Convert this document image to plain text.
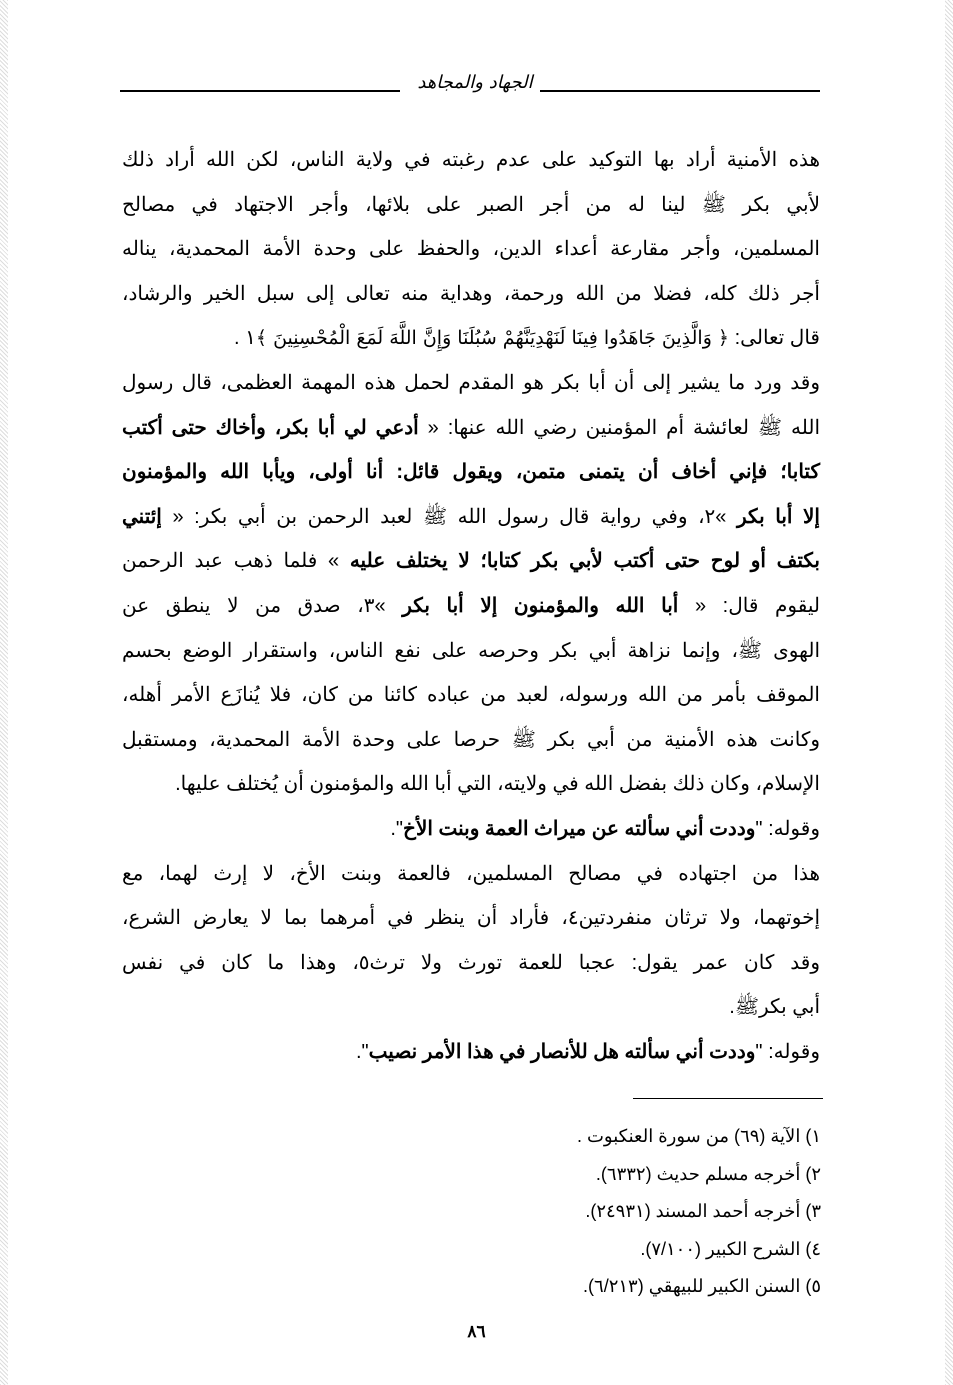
الجهاد والمجاهد
هذه الأمنية أراد بها التوكيد على عدم رغبته في ولاية الناس، لكن الله أراد ذلك
لأبي بكر ﷺ لينا له من أجر الصبر على بلائها، وأجر الاجتهاد في مصالح
المسلمين، وأجر مقارعة أعداء الدين، والحفظ على وحدة الأمة المحمدية، يناله
أجر ذلك كله، فضلا من الله ورحمة، وهداية منه تعالى إلى سبل الخير والرشاد،
قال تعالى: ﴿ وَالَّذِينَ جَاهَدُوا فِينَا لَنَهْدِيَنَّهُمْ سُبُلَنَا وَإِنَّ اللَّهَ لَمَعَ الْمُحْسِنِينَ ﴾١ .
وقد ورد ما يشير إلى أن أبا بكر هو المقدم لحمل هذه المهمة العظمى، قال رسول
الله ﷺ لعائشة أم المؤمنين رضي الله عنها: « أدعي لي أبا بكر، وأخاك حتى أكتب
كتابا؛ فإني أخاف أن يتمنى متمن، ويقول قائل: أنا أولى، ويأبا الله والمؤمنون
إلا أبا بكر »٢، وفي رواية قال رسول الله ﷺ لعبد الرحمن بن أبي بكر: « إئتني
بكتف أو لوح حتى أكتب لأبي بكر كتابا؛ لا يختلف عليه » فلما ذهب عبد الرحمن
ليقوم قال: « أبا الله والمؤمنون إلا أبا بكر »٣، صدق من لا ينطق عن
الهوى ﷺ، وإنما نزاهة أبي بكر وحرصه على نفع الناس، واستقرار الوضع بحسم
الموقف بأمر من الله ورسوله، لعبد من عباده كائنا من كان، فلا يُنازَع الأمر أهله،
وكانت هذه الأمنية من أبي بكر ﷺ حرصا على وحدة الأمة المحمدية، ومستقبل
الإسلام، وكان ذلك بفضل الله في ولايته، التي أبا الله والمؤمنون أن يُختلف عليها.
وقوله: "وددت أني سألته عن ميراث العمة وبنت الأخ".
هذا من اجتهاده في مصالح المسلمين، فالعمة وبنت الأخ، لا إرث لهما، مع
إخوتهما، ولا ترثان منفردتين٤، فأراد أن ينظر في أمرهما بما لا يعارض الشرع،
وقد كان عمر يقول: عجبا للعمة تورث ولا ترث٥، وهذا ما كان في نفس
أبي بكرﷺ.
وقوله: "وددت أني سألته هل للأنصار في هذا الأمر نصيب".
١) الآية (٦٩) من سورة العنكبوت .
٢) أخرجه مسلم حديث (٦٣٣٢).
٣) أخرجه أحمد المسند (٢٤٩٣١).
٤) الشرح الكبير (٧/١٠٠).
٥) السنن الكبير للبيهقي (٦/٢١٣).
٨٦
